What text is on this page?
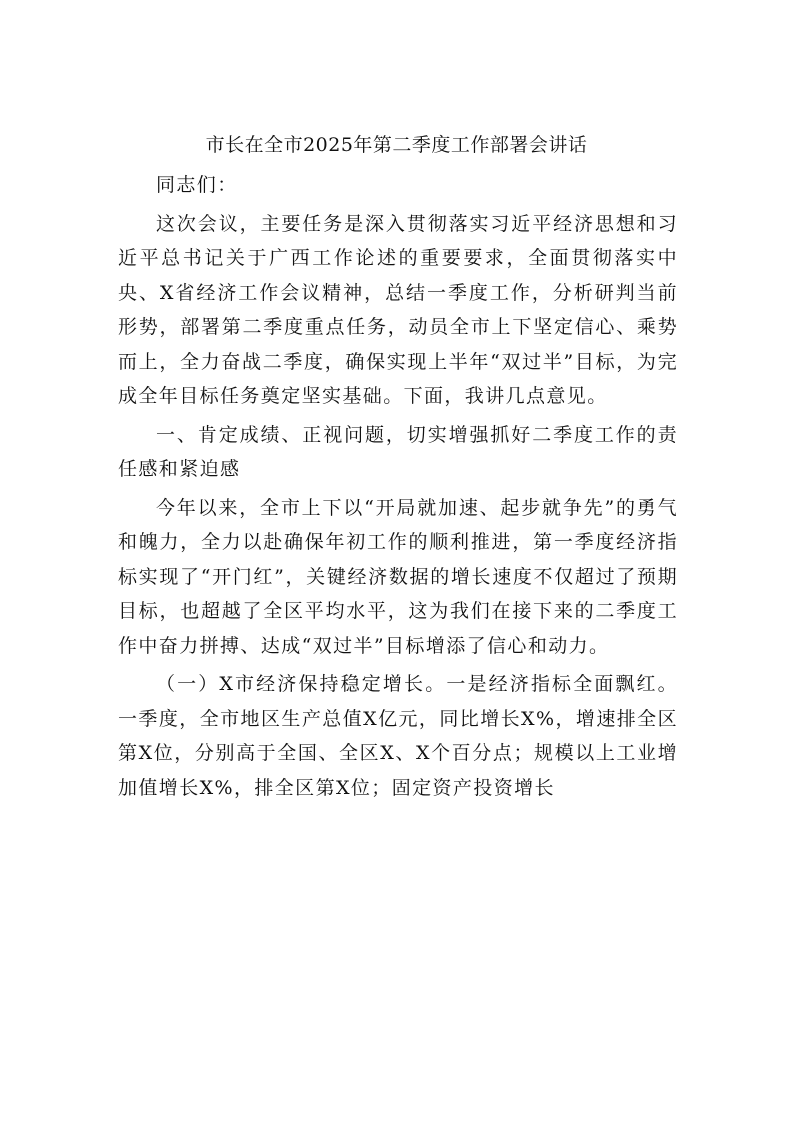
市长在全市2025年第二季度工作部署会讲话

同志们：

这次会议，主要任务是深入贯彻落实习近平经济思想和习近平总书记关于广西工作论述的重要要求，全面贯彻落实中央、X省经济工作会议精神，总结一季度工作，分析研判当前形势，部署第二季度重点任务，动员全市上下坚定信心、乘势而上，全力奋战二季度，确保实现上半年“双过半”目标，为完成全年目标任务奠定坚实基础。下面，我讲几点意见。

一、肯定成绩、正视问题，切实增强抓好二季度工作的责任感和紧迫感

今年以来，全市上下以“开局就加速、起步就争先”的勇气和魄力，全力以赴确保年初工作的顺利推进，第一季度经济指标实现了“开门红”，关键经济数据的增长速度不仅超过了预期目标，也超越了全区平均水平，这为我们在接下来的二季度工作中奋力拼搏、达成“双过半”目标增添了信心和动力。

（一）X市经济保持稳定增长。一是经济指标全面飘红。一季度，全市地区生产总值X亿元，同比增长X%，增速排全区第X位，分别高于全国、全区X、X个百分点；规模以上工业增加值增长X%，排全区第X位；固定资产投资增长
